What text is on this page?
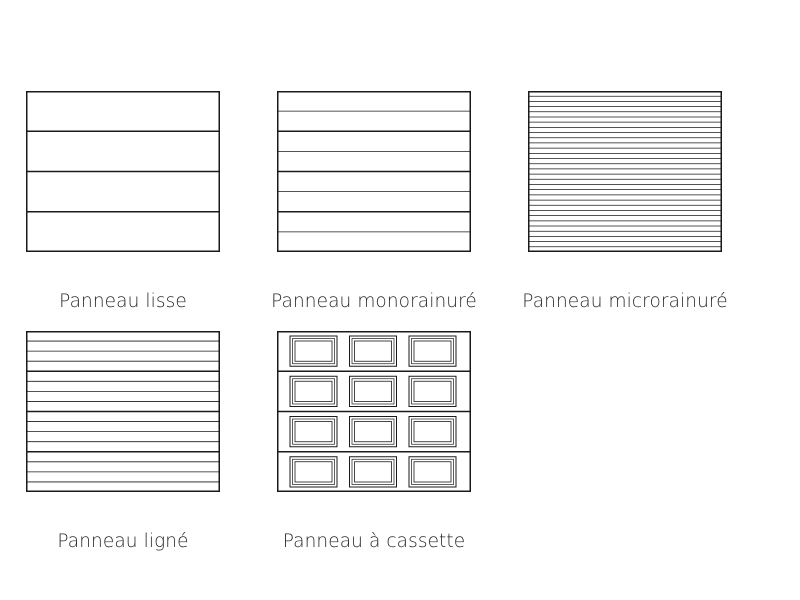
Panneau lisse	Panneau monorainuré	Panneau microrainuré
Panneau ligné	Panneau à cassette
